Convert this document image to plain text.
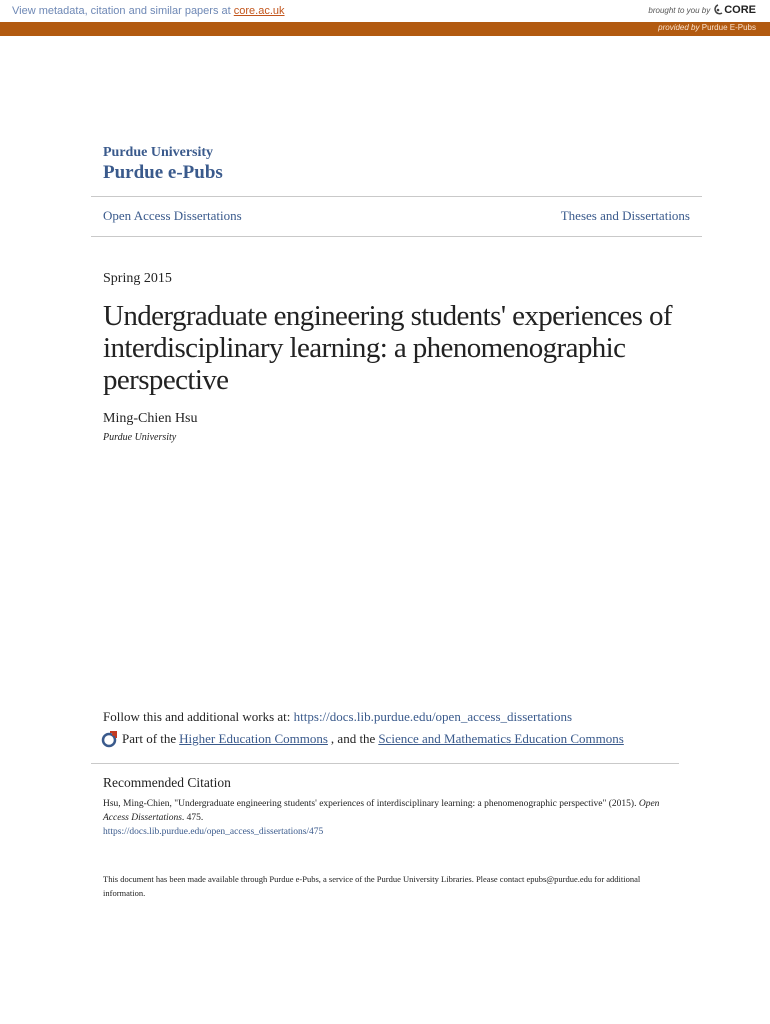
View metadata, citation and similar papers at core.ac.uk	brought to you by CORE
provided by Purdue E-Pubs
Purdue University
Purdue e-Pubs
Open Access Dissertations	Theses and Dissertations
Spring 2015
Undergraduate engineering students' experiences of interdisciplinary learning: a phenomenographic perspective
Ming-Chien Hsu
Purdue University
Follow this and additional works at: https://docs.lib.purdue.edu/open_access_dissertations
Part of the Higher Education Commons , and the Science and Mathematics Education Commons
Recommended Citation
Hsu, Ming-Chien, "Undergraduate engineering students' experiences of interdisciplinary learning: a phenomenographic perspective" (2015). Open Access Dissertations. 475.
https://docs.lib.purdue.edu/open_access_dissertations/475
This document has been made available through Purdue e-Pubs, a service of the Purdue University Libraries. Please contact epubs@purdue.edu for additional information.
